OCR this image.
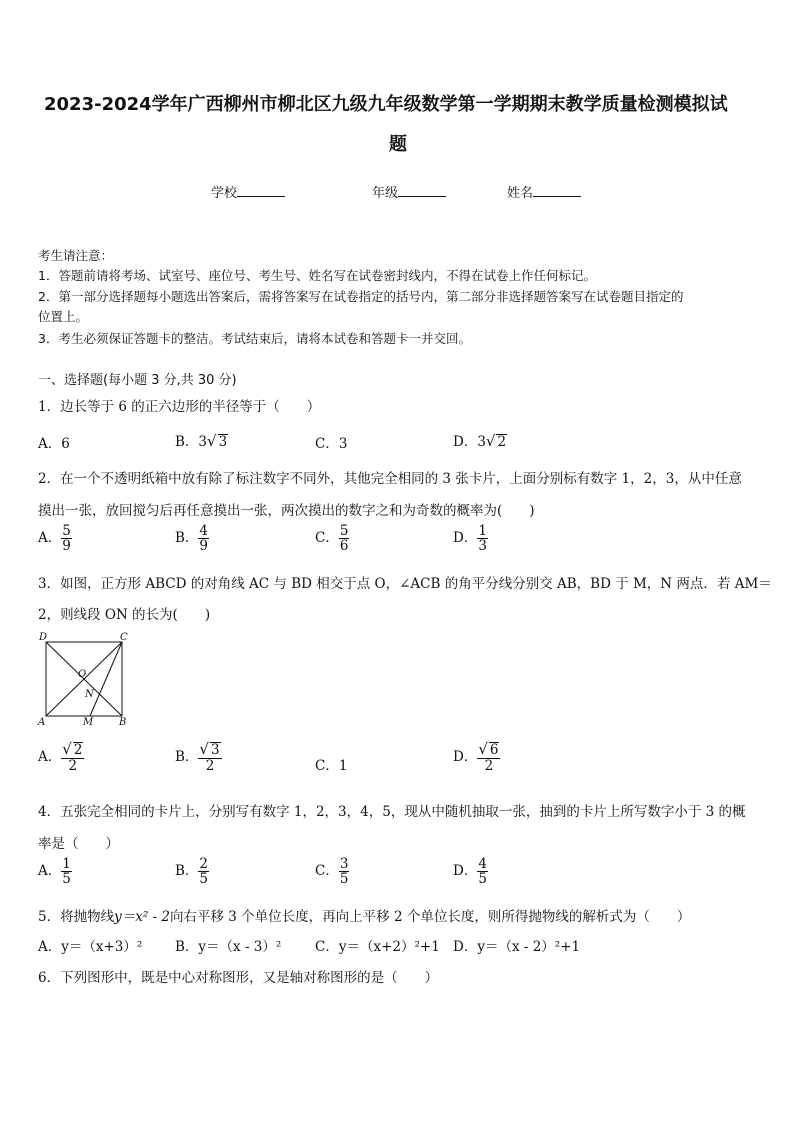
2023-2024学年广西柳州市柳北区九级九年级数学第一学期期末教学质量检测模拟试
题
学校	年级	姓名
考生请注意：
1．答题前请将考场、试室号、座位号、考生号、姓名写在试卷密封线内，不得在试卷上作任何标记。
2．第一部分选择题每小题选出答案后，需将答案写在试卷指定的括号内，第二部分非选择题答案写在试卷题目指定的
位置上。
3．考生必须保证答题卡的整洁。考试结束后，请将本试卷和答题卡一并交回。
一、选择题(每小题 3 分,共 30 分)
1．边长等于 6 的正六边形的半径等于（　　）
A．6	B．3√ 3	C．3	D．3√ 2
2．在一个不透明纸箱中放有除了标注数字不同外，其他完全相同的 3 张卡片，上面分别标有数字 1，2，3，从中任意
摸出一张，放回搅匀后再任意摸出一张，两次摸出的数字之和为奇数的概率为(　　)
A． $\frac{5}{9}$	B． $\frac{4}{9}$	C． $\frac{5}{6}$	D． $\frac{1}{3}$
3．如图，正方形 ABCD 的对角线 AC 与 BD 相交于点 O，∠ACB 的角平分线分别交 AB，BD 于 M，N 两点．若 AM＝
2，则线段 ON 的长为(　　)
D	C
O
N
A	M	B
A． $\frac{√ 2}{2}$	B． $\frac{√ 3}{2}$	C．1
D． $\frac{√ 6}{2}$
4．五张完全相同的卡片上，分别写有数字 1，2，3，4，5，现从中随机抽取一张，抽到的卡片上所写数字小于 3 的概
率是（　　）
A． $\frac{1}{5}$	B． $\frac{2}{5}$	C． $\frac{3}{5}$	D． $\frac{4}{5}$
5．将抛物线y＝x² - 2向右平移 3 个单位长度，再向上平移 2 个单位长度，则所得抛物线的解析式为（　　）
A．y＝（x+3）² B．y＝（x - 3）² C．y＝（x+2）²+1 D．y＝（x - 2）²+1
6．下列图形中，既是中心对称图形，又是轴对称图形的是（　　）
